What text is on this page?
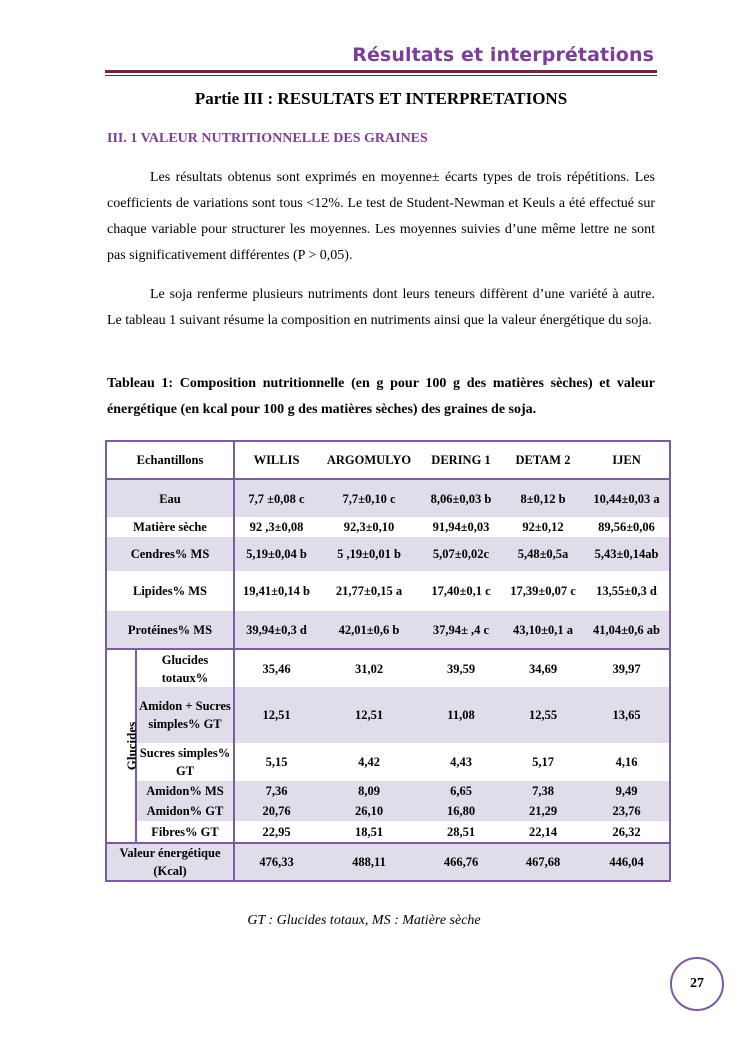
Résultats et interprétations
Partie III : RESULTATS ET INTERPRETATIONS
III. 1 VALEUR NUTRITIONNELLE DES GRAINES
Les résultats obtenus sont exprimés en moyenne± écarts types de trois répétitions. Les coefficients de variations sont tous <12%. Le test de Student-Newman et Keuls a été effectué sur chaque variable pour structurer les moyennes. Les moyennes suivies d’une même lettre ne sont pas significativement différentes (P > 0,05).
Le soja renferme plusieurs nutriments dont leurs teneurs diffèrent d’une variété à autre. Le tableau 1 suivant résume la composition en nutriments ainsi que la valeur énergétique du soja.
Tableau 1: Composition nutritionnelle (en g pour 100 g des matières sèches) et valeur énergétique (en kcal pour 100 g des matières sèches) des graines de soja.
Echantillons		WILLIS	ARGOMULYO	DERING 1	DETAM 2	IJEN
Eau		7,7 ±0,08 c	7,7±0,10 c	8,06±0,03 b	8±0,12 b	10,44±0,03 a
Matière sèche		92 ,3±0,08	92,3±0,10	91,94±0,03	92±0,12	89,56±0,06
Cendres% MS		5,19±0,04 b	5 ,19±0,01 b	5,07±0,02c	5,48±0,5a	5,43±0,14ab
Lipides% MS		19,41±0,14 b	21,77±0,15 a	17,40±0,1 c	17,39±0,07 c	13,55±0,3 d
Protéines% MS		39,94±0,3 d	42,01±0,6 b	37,94± ,4 c	43,10±0,1 a	41,04±0,6 ab
Glucides	Glucides totaux%	35,46	31,02	39,59	34,69	39,97
	Amidon + Sucres simples% GT	12,51	12,51	11,08	12,55	13,65
	Sucres simples% GT	5,15	4,42	4,43	5,17	4,16
	Amidon% MS	7,36	8,09	6,65	7,38	9,49
	Amidon% GT	20,76	26,10	16,80	21,29	23,76
	Fibres% GT	22,95	18,51	28,51	22,14	26,32
Valeur énergétique (Kcal)		476,33	488,11	466,76	467,68	446,04
GT : Glucides totaux, MS : Matière sèche
27
